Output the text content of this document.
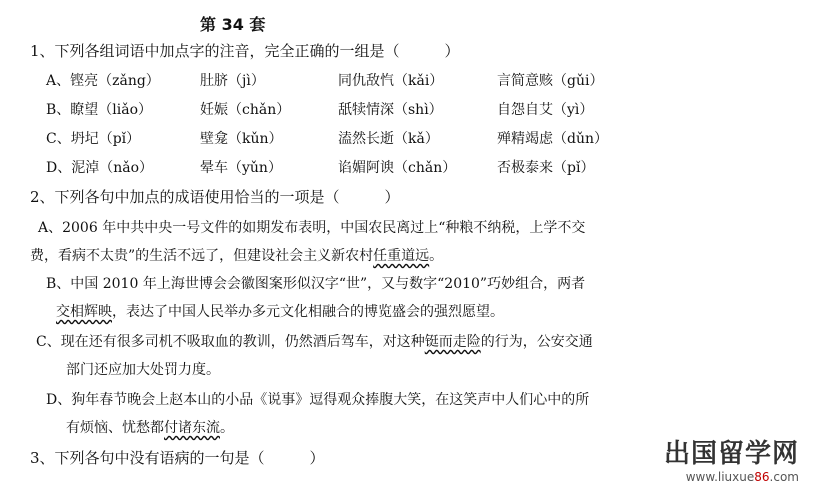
第 34 套
1、下列各组词语中加点字的注音，完全正确的一组是（　　　）
A、铿亮（zǎng）	肚脐（jì）	同仇敌忾（kǎi）	言简意赅（gǔi）
B、瞭望（liǎo）	妊娠（chǎn）	舐犊情深（shì）	自怨自艾（yì）
C、坍圮（pǐ）	壁龛（kǔn）	溘然长逝（kǎ）	殚精竭虑（dǔn）
D、泥淖（nǎo）	晕车（yǔn）	谄媚阿谀（chǎn）	否极泰来（pǐ）
2、下列各句中加点的成语使用恰当的一项是（　　　）
A、2006 年中共中央一号文件的如期发布表明，中国农民离过上“种粮不纳税，上学不交
费，看病不太贵”的生活不远了，但建设社会主义新农村任重道远。
B、中国 2010 年上海世博会会徽图案形似汉字“世”，又与数字“2010”巧妙组合，两者
交相辉映，表达了中国人民举办多元文化相融合的博览盛会的强烈愿望。
C、现在还有很多司机不吸取血的教训，仍然酒后驾车，对这种铤而走险的行为，公安交通
部门还应加大处罚力度。
D、狗年春节晚会上赵本山的小品《说事》逗得观众捧腹大笑，在这笑声中人们心中的所
有烦恼、忧愁都付诸东流。
3、下列各句中没有语病的一句是（　　　）	出国留学网
www.liuxue86.com
